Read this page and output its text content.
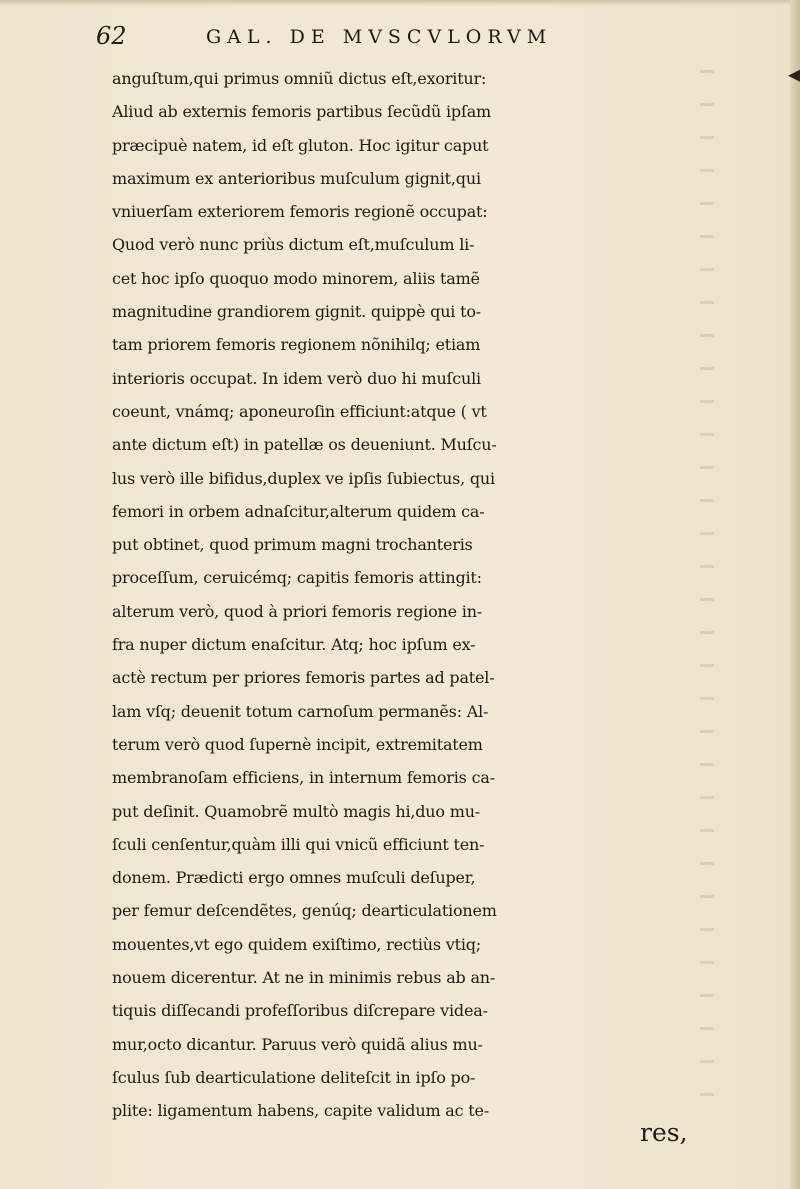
62	GAL. DE MVSCVLORVM
anguſtum,qui primus omniũ dictus eſt,exoritur:
Aliud ab externis femoris partibus ſecũdũ ipſam
præcipuè natem, id eſt gluton. Hoc igitur caput
maximum ex anterioribus muſculum gignit,qui
vniuerſam exteriorem femoris regionẽ occupat:
Quod verò nunc priùs dictum eſt,muſculum li-
cet hoc ipſo quoquo modo minorem, aliis tamẽ
magnitudine grandiorem gignit. quippè qui to-
tam priorem femoris regionem nõnihilq; etiam
interioris occupat. In idem verò duo hi muſculi
coeunt, vnámq; aponeuroſin efficiunt:atque ( vt
ante dictum eſt) in patellæ os deueniunt. Muſcu-
lus verò ille bifidus,duplex ve ipſis ſubiectus, qui
femori in orbem adnaſcitur,alterum quidem ca-
put obtinet, quod primum magni trochanteris
proceſſum, ceruicémq; capitis femoris attingit:
alterum verò, quod à priori femoris regione in-
fra nuper dictum enaſcitur. Atq; hoc ipſum ex-
actè rectum per priores femoris partes ad patel-
lam vſq; deuenit totum carnoſum permanẽs: Al-
terum verò quod ſupernè incipit, extremitatem
membranoſam efficiens, in internum femoris ca-
put deſinit. Quamobrẽ multò magis hi,duo mu-
ſculi cenſentur,quàm illi qui vnicũ efficiunt ten-
donem. Prædicti ergo omnes muſculi deſuper,
per femur deſcendẽtes, genúq; dearticulationem
mouentes,vt ego quidem exiſtimo, rectiùs vtiq;
nouem dicerentur. At ne in minimis rebus ab an-
tiquis diſſecandi profeſſoribus diſcrepare videa-
mur,octo dicantur. Paruus verò quidã alius mu-
ſculus ſub dearticulatione deliteſcit in ipſo po-
plite: ligamentum habens, capite validum ac te-
res,
◂
